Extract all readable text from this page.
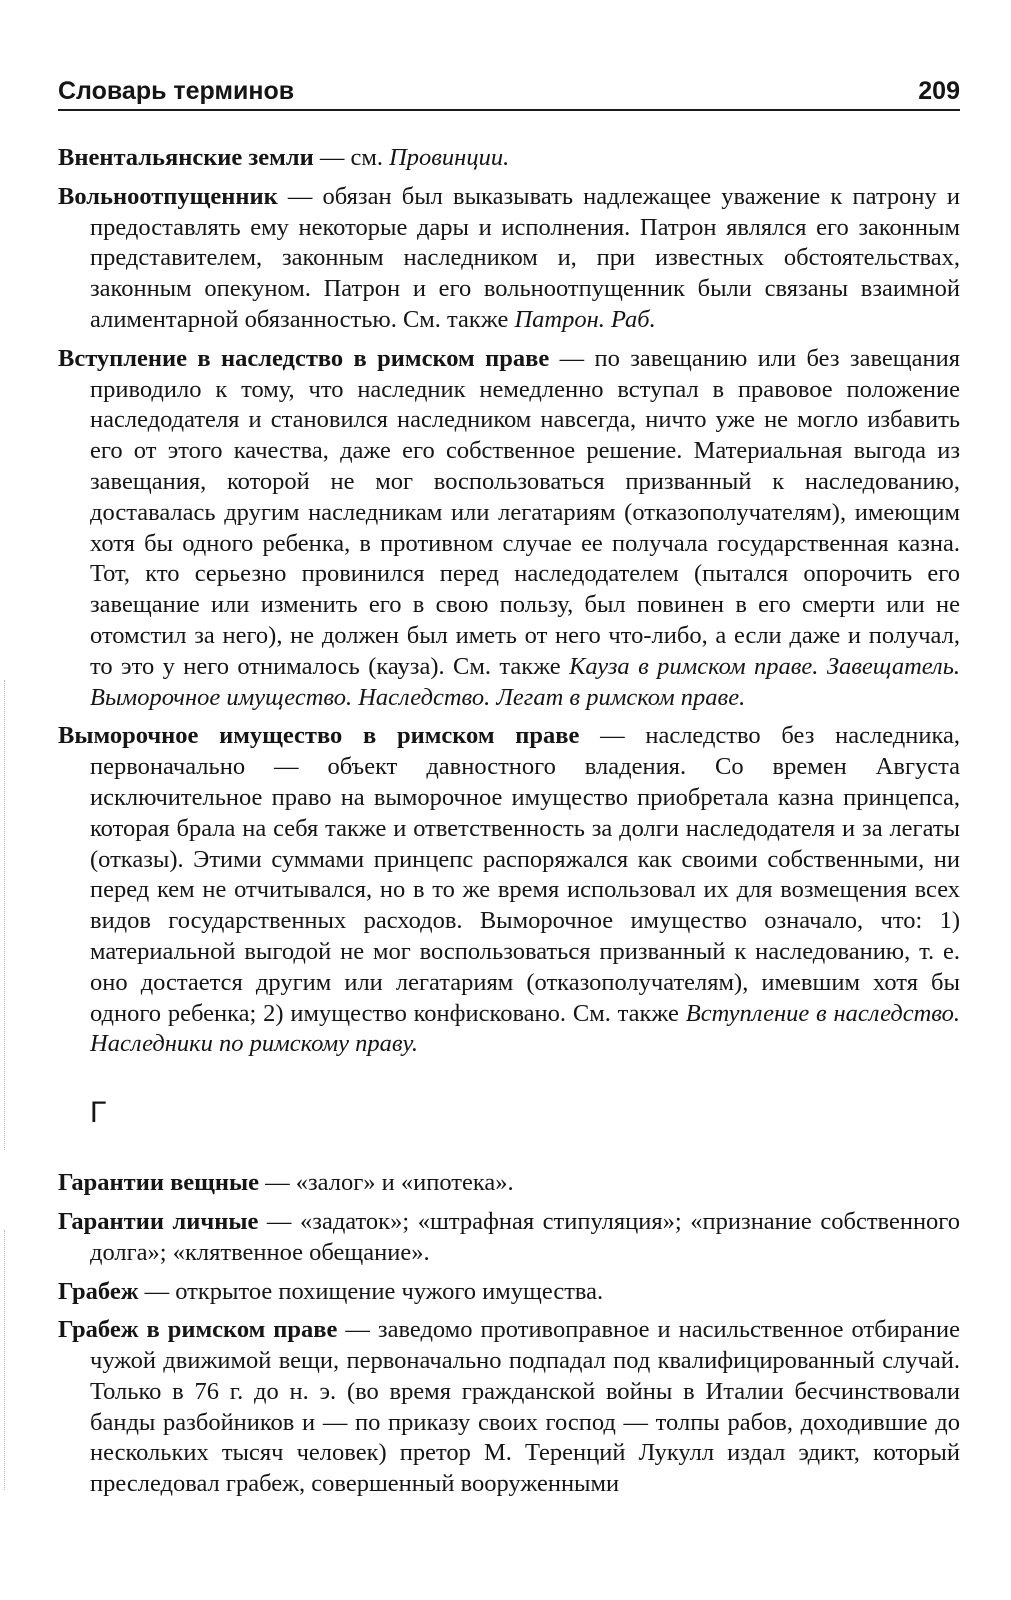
Словарь терминов	209

Внентальянские земли — см. Провинции.

Вольноотпущенник — обязан был выказывать надлежащее уважение к патрону и предоставлять ему некоторые дары и исполнения. Патрон являлся его законным представителем, законным наследником и, при известных обстоятельствах, законным опекуном. Патрон и его вольноотпущенник были связаны взаимной алиментарной обязанностью. См. также Патрон. Раб.

Вступление в наследство в римском праве — по завещанию или без завещания приводило к тому, что наследник немедленно вступал в правовое положение наследодателя и становился наследником навсегда, ничто уже не могло избавить его от этого качества, даже его собственное решение. Материальная выгода из завещания, которой не мог воспользоваться призванный к наследованию, доставалась другим наследникам или легатариям (отказополучателям), имеющим хотя бы одного ребенка, в противном случае ее получала государственная казна. Тот, кто серьезно провинился перед наследодателем (пытался опорочить его завещание или изменить его в свою пользу, был повинен в его смерти или не отомстил за него), не должен был иметь от него что-либо, а если даже и получал, то это у него отнималось (кауза). См. также Кауза в римском праве. Завещатель. Выморочное имущество. Наследство. Легат в римском праве.

Выморочное имущество в римском праве — наследство без наследника, первоначально — объект давностного владения. Со времен Августа исключительное право на выморочное имущество приобретала казна принцепса, которая брала на себя также и ответственность за долги наследодателя и за легаты (отказы). Этими суммами принцепс распоряжался как своими собственными, ни перед кем не отчитывался, но в то же время использовал их для возмещения всех видов государственных расходов. Выморочное имущество означало, что: 1) материальной выгодой не мог воспользоваться призванный к наследованию, т. е. оно достается другим или легатариям (отказополучателям), имевшим хотя бы одного ребенка; 2) имущество конфисковано. См. также Вступление в наследство. Наследники по римскому праву.

Г

Гарантии вещные — «залог» и «ипотека».

Гарантии личные — «задаток»; «штрафная стипуляция»; «признание собственного долга»; «клятвенное обещание».

Грабеж — открытое похищение чужого имущества.

Грабеж в римском праве — заведомо противоправное и насильственное отбирание чужой движимой вещи, первоначально подпадал под квалифицированный случай. Только в 76 г. до н. э. (во время гражданской войны в Италии бесчинствовали банды разбойников и — по приказу своих господ — толпы рабов, доходившие до нескольких тысяч человек) претор М. Теренций Лукулл издал эдикт, который преследовал грабеж, совершенный вооруженными
